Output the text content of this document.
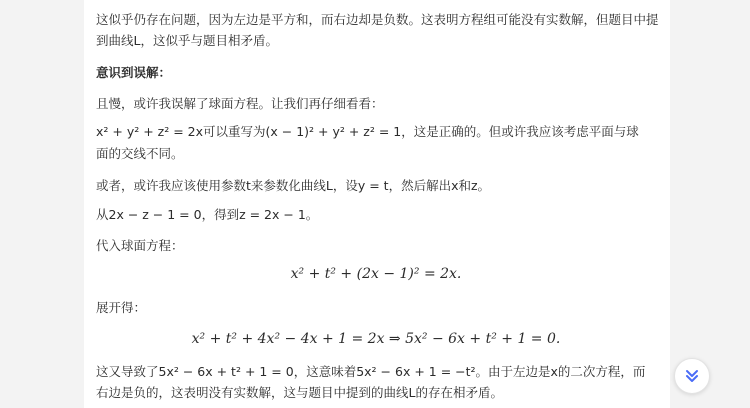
这似乎仍存在问题，因为左边是平方和，而右边却是负数。这表明方程组可能没有实数解，但题目中提
到曲线L，这似乎与题目相矛盾。
意识到误解：
且慢，或许我误解了球面方程。让我们再仔细看看：
x² + y² + z² = 2x可以重写为(x − 1)² + y² + z² = 1，这是正确的。但或许我应该考虑平面与球
面的交线不同。
或者，或许我应该使用参数t来参数化曲线L，设y = t，然后解出x和z。
从2x − z − 1 = 0，得到z = 2x − 1。
代入球面方程：
x² + t² + (2x − 1)² = 2x.
展开得：
x² + t² + 4x² − 4x + 1 = 2x ⇒ 5x² − 6x + t² + 1 = 0.
这又导致了5x² − 6x + t² + 1 = 0，这意味着5x² − 6x + 1 = −t²。由于左边是x的二次方程，而
右边是负的，这表明没有实数解，这与题目中提到的曲线L的存在相矛盾。
